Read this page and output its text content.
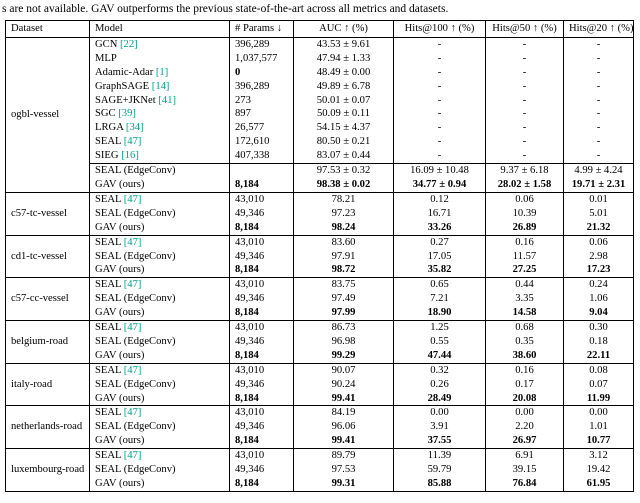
s are not available. GAV outperforms the previous state-of-the-art across all metrics and datasets.
Dataset	Model	# Params ↓	AUC ↑ (%)	Hits@100 ↑ (%)	Hits@50 ↑ (%)	Hits@20 ↑ (%)
ogbl-vessel	GCN [22]	396,289	43.53 ± 9.61	-	-	-
	MLP	1,037,577	47.94 ± 1.33	-	-	-
	Adamic-Adar [1]	0	48.49 ± 0.00	-	-	-
	GraphSAGE [14]	396,289	49.89 ± 6.78	-	-	-
	SAGE+JKNet [41]	273	50.01 ± 0.07	-	-	-
	SGC [39]	897	50.09 ± 0.11	-	-	-
	LRGA [34]	26,577	54.15 ± 4.37	-	-	-
	SEAL [47]	172,610	80.50 ± 0.21	-	-	-
	SIEG [16]	407,338	83.07 ± 0.44	-	-	-
	SEAL (EdgeConv)		97.53 ± 0.32	16.09 ± 10.48	9.37 ± 6.18	4.99 ± 4.24
	GAV (ours)	8,184	98.38 ± 0.02	34.77 ± 0.94	28.02 ± 1.58	19.71 ± 2.31
c57-tc-vessel	SEAL [47]	43,010	78.21	0.12	0.06	0.01
	SEAL (EdgeConv)	49,346	97.23	16.71	10.39	5.01
	GAV (ours)	8,184	98.24	33.26	26.89	21.32
cd1-tc-vessel	SEAL [47]	43,010	83.60	0.27	0.16	0.06
	SEAL (EdgeConv)	49,346	97.91	17.05	11.57	2.98
	GAV (ours)	8,184	98.72	35.82	27.25	17.23
c57-cc-vessel	SEAL [47]	43,010	83.75	0.65	0.44	0.24
	SEAL (EdgeConv)	49,346	97.49	7.21	3.35	1.06
	GAV (ours)	8,184	97.99	18.90	14.58	9.04
belgium-road	SEAL [47]	43,010	86.73	1.25	0.68	0.30
	SEAL (EdgeConv)	49,346	96.98	0.55	0.35	0.18
	GAV (ours)	8,184	99.29	47.44	38.60	22.11
italy-road	SEAL [47]	43,010	90.07	0.32	0.16	0.08
	SEAL (EdgeConv)	49,346	90.24	0.26	0.17	0.07
	GAV (ours)	8,184	99.41	28.49	20.08	11.99
netherlands-road	SEAL [47]	43,010	84.19	0.00	0.00	0.00
	SEAL (EdgeConv)	49,346	96.06	3.91	2.20	1.01
	GAV (ours)	8,184	99.41	37.55	26.97	10.77
luxembourg-road	SEAL [47]	43,010	89.79	11.39	6.91	3.12
	SEAL (EdgeConv)	49,346	97.53	59.79	39.15	19.42
	GAV (ours)	8,184	99.31	85.88	76.84	61.95
